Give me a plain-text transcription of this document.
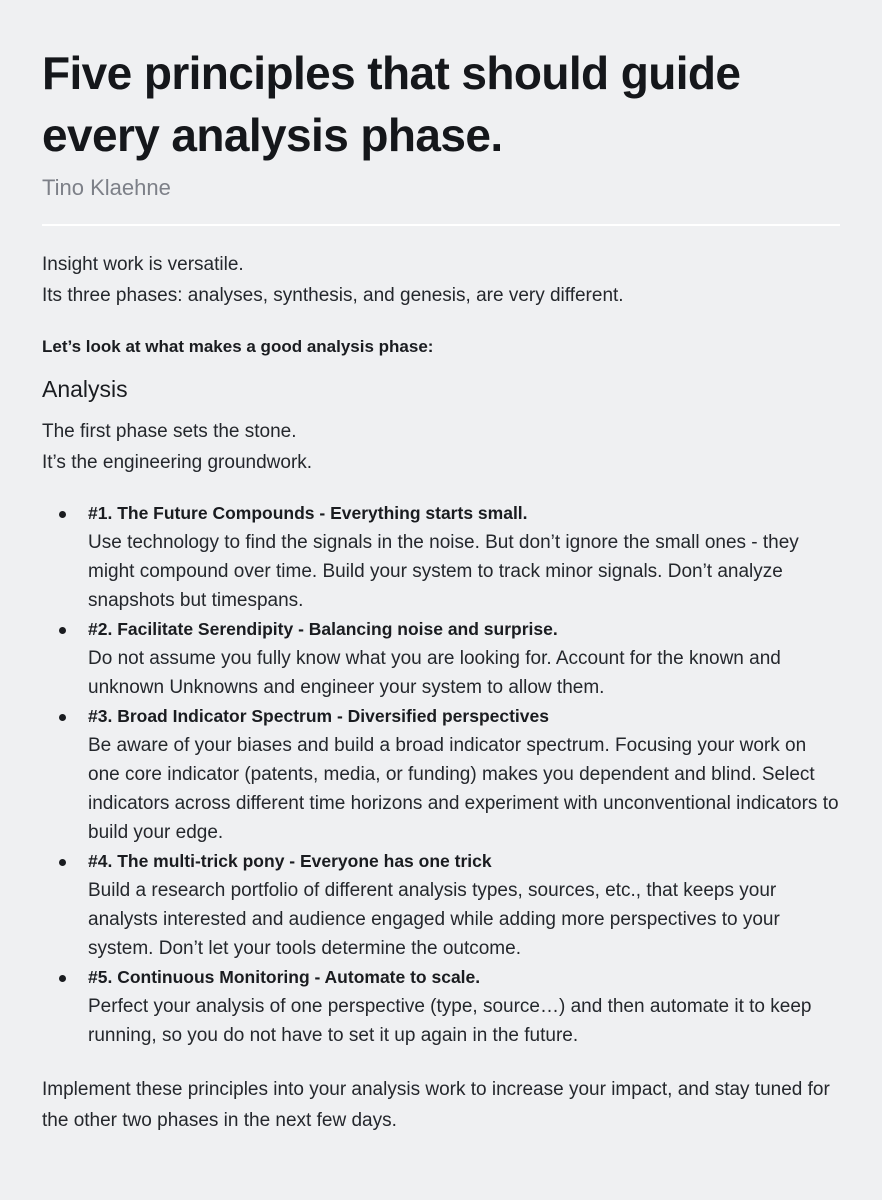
Five principles that should guide every analysis phase.
Tino Klaehne

Insight work is versatile.
Its three phases: analyses, synthesis, and genesis, are very different.

Let’s look at what makes a good analysis phase:

Analysis

The first phase sets the stone.
It’s the engineering groundwork.

#1. The Future Compounds - Everything starts small.
Use technology to find the signals in the noise. But don’t ignore the small ones - they might compound over time. Build your system to track minor signals. Don’t analyze snapshots but timespans.
#2. Facilitate Serendipity - Balancing noise and surprise.
Do not assume you fully know what you are looking for. Account for the known and unknown Unknowns and engineer your system to allow them.
#3. Broad Indicator Spectrum - Diversified perspectives
Be aware of your biases and build a broad indicator spectrum. Focusing your work on one core indicator (patents, media, or funding) makes you dependent and blind. Select indicators across different time horizons and experiment with unconventional indicators to build your edge.
#4. The multi-trick pony - Everyone has one trick
Build a research portfolio of different analysis types, sources, etc., that keeps your analysts interested and audience engaged while adding more perspectives to your system. Don’t let your tools determine the outcome.
#5. Continuous Monitoring - Automate to scale.
Perfect your analysis of one perspective (type, source…) and then automate it to keep running, so you do not have to set it up again in the future.

Implement these principles into your analysis work to increase your impact, and stay tuned for the other two phases in the next few days.
